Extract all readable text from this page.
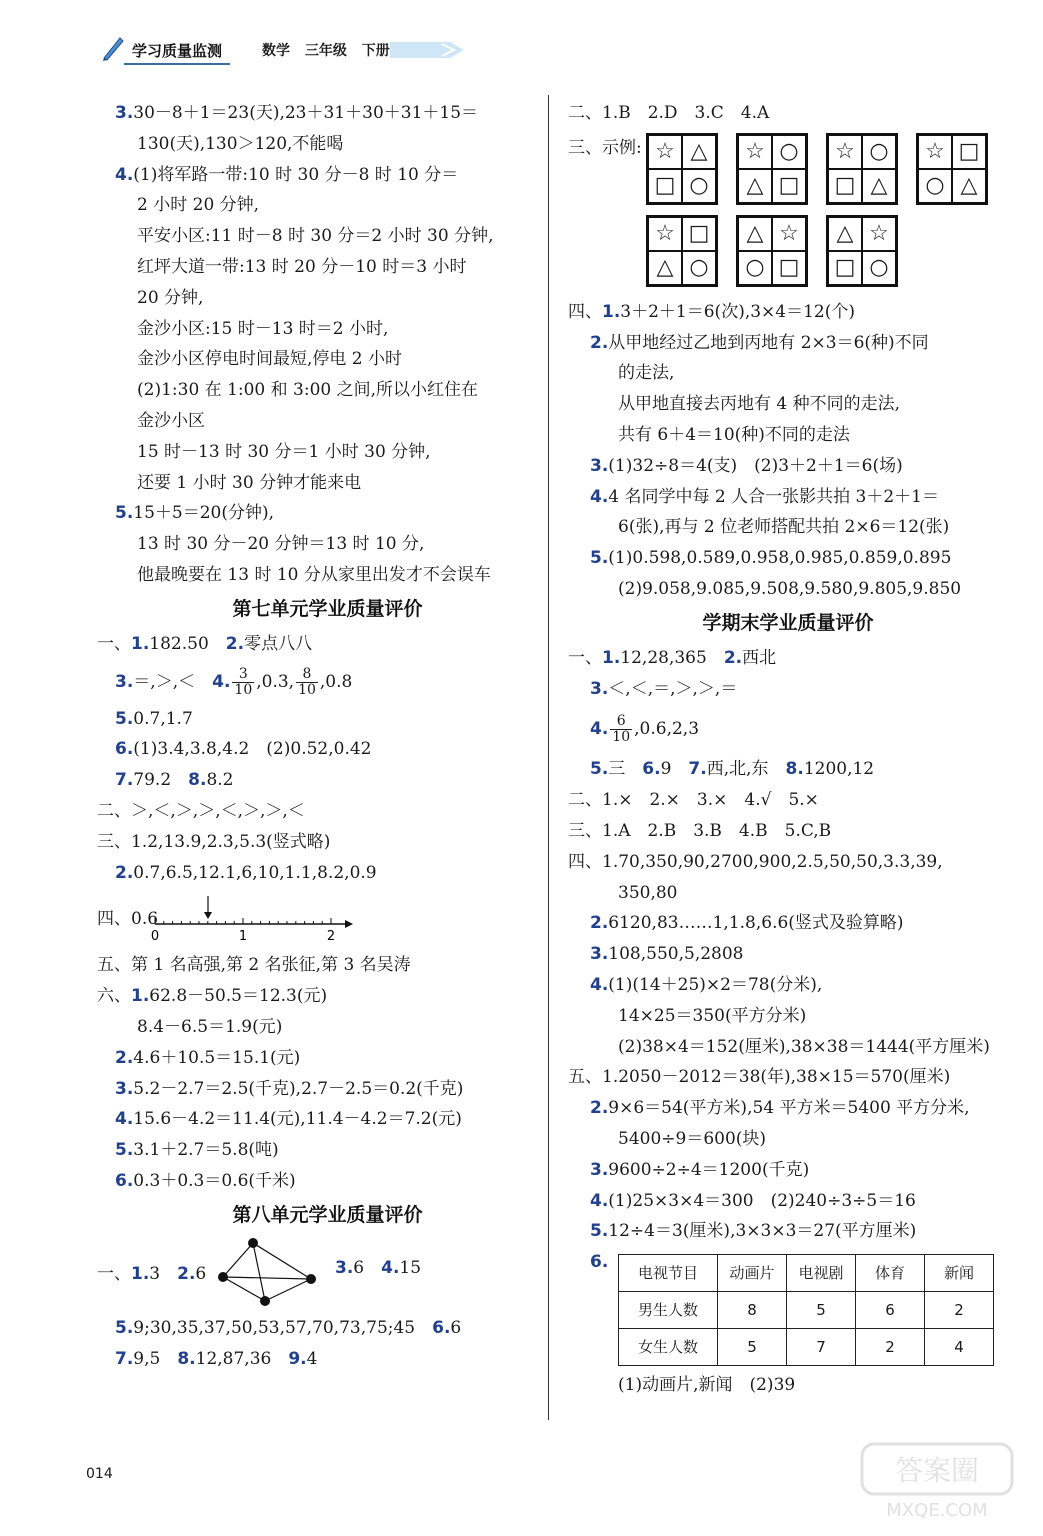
学习质量监测	数学 三年级 下册
3.30－8＋1＝23(天),23＋31＋30＋31＋15＝
130(天),130＞120,不能喝
4.(1)将军路一带:10 时 30 分－8 时 10 分＝
2 小时 20 分钟,
平安小区:11 时－8 时 30 分＝2 小时 30 分钟,
红坪大道一带:13 时 20 分－10 时＝3 小时
20 分钟,
金沙小区:15 时－13 时＝2 小时,
金沙小区停电时间最短,停电 2 小时
(2)1:30 在 1:00 和 3:00 之间,所以小红住在
金沙小区
15 时－13 时 30 分＝1 小时 30 分钟,
还要 1 小时 30 分钟才能来电
5.15＋5＝20(分钟),
13 时 30 分－20 分钟＝13 时 10 分,
他最晚要在 13 时 10 分从家里出发才不会误车
第七单元学业质量评价
一、1.182.50　 2.零点八八
3.＝,＞,＜　 4. $\frac{3}{10} ,0.3$, $\frac{8}{10} ,0.8$
5.0.7,1.7
6.(1)3.4,3.8,4.2　(2)0.52,0.42
7.79.2　 8.8.2
二、＞,＜,＞,＞,＜,＞,＞,＜
三、1.2,13.9,2.3,5.3(竖式略)
2.0.7,6.5,12.1,6,10,1.1,8.2,0.9
四、0.6
0	1	2
五、第 1 名高强,第 2 名张征,第 3 名吴涛
六、1.62.8－50.5＝12.3(元)
8.4－6.5＝1.9(元)
2.4.6＋10.5＝15.1(元)
3.5.2－2.7＝2.5(千克),2.7－2.5＝0.2(千克)
4.15.6－4.2＝11.4(元),11.4－4.2＝7.2(元)
5.3.1＋2.7＝5.8(吨)
6.0.3＋0.3＝0.6(千米)
第八单元学业质量评价
一、1.3　 2.6	3.6　 4.15
5.9;30,35,37,50,53,57,70,73,75;45　 6.6
7.9,5　 8.12,87,36　 9.4
二、1.B　2.D　3.C　4.A
三、示例: ☆ △
□ ○
☆ ○
△ □
☆ ○
□ △
☆ □
○ △
☆ □
△ ○
△ ☆
○ □
△ ☆
□ ○
四、1.3＋2＋1＝6(次),3×4＝12(个)
2.从甲地经过乙地到丙地有 2×3＝6(种)不同
的走法,
从甲地直接去丙地有 4 种不同的走法,
共有 6＋4＝10(种)不同的走法
3.(1)32÷8＝4(支)　(2)3＋2＋1＝6(场)
4.4 名同学中每 2 人合一张影共拍 3＋2＋1＝
6(张),再与 2 位老师搭配共拍 2×6＝12(张)
5.(1)0.598,0.589,0.958,0.985,0.859,0.895
(2)9.058,9.085,9.508,9.580,9.805,9.850
学期末学业质量评价
一、1.12,28,365　 2.西北
3.＜,＜,＝,＞,＞,＝
4. $\frac{6}{10} ,0.6,2,3$
5.三　 6.9　 7.西,北,东　 8.1200,12
二、1.×　2.×　3.×　4.√　5.×
三、1.A　2.B　3.B　4.B　5.C,B
四、1.70,350,90,2700,900,2.5,50,50,3.3,39,
350,80
2.6120,83……1,1.8,6.6(竖式及验算略)
3.108,550,5,2808
4.(1)(14＋25)×2＝78(分米),
14×25＝350(平方分米)
(2)38×4＝152(厘米),38×38＝1444(平方厘米)
五、1.2050－2012＝38(年),38×15＝570(厘米)
2.9×6＝54(平方米),54 平方米＝5400 平方分米,
5400÷9＝600(块)
3.9600÷2÷4＝1200(千克)
4.(1)25×3×4＝300　(2)240÷3÷5＝16
5.12÷4＝3(厘米),3×3×3＝27(平方厘米)
6.
电视节目	动画片	电视剧	体育	新闻
男生人数	8	5	6	2
女生人数	5	7	2	4
(1)动画片,新闻　(2)39
014	答案圈
MXQE.COM
